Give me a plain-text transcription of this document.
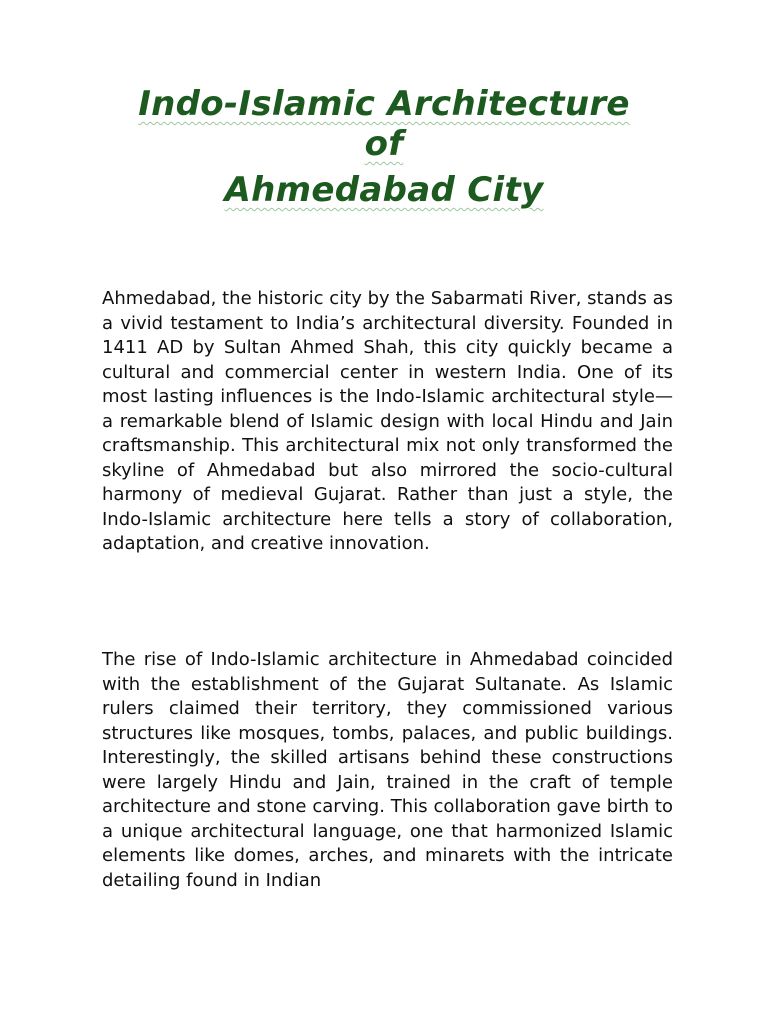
Indo-Islamic Architecture
of
Ahmedabad City

Ahmedabad, the historic city by the Sabarmati River, stands as a vivid testament to India’s architectural diversity. Founded in 1411 AD by Sultan Ahmed Shah, this city quickly became a cultural and commercial center in western India. One of its most lasting influences is the Indo-Islamic architectural style—a remarkable blend of Islamic design with local Hindu and Jain craftsmanship. This architectural mix not only transformed the skyline of Ahmedabad but also mirrored the socio-cultural harmony of medieval Gujarat. Rather than just a style, the Indo-Islamic architecture here tells a story of collaboration, adaptation, and creative innovation.

The rise of Indo-Islamic architecture in Ahmedabad coincided with the establishment of the Gujarat Sultanate. As Islamic rulers claimed their territory, they commissioned various structures like mosques, tombs, palaces, and public buildings. Interestingly, the skilled artisans behind these constructions were largely Hindu and Jain, trained in the craft of temple architecture and stone carving. This collaboration gave birth to a unique architectural language, one that harmonized Islamic elements like domes, arches, and minarets with the intricate detailing found in Indian
